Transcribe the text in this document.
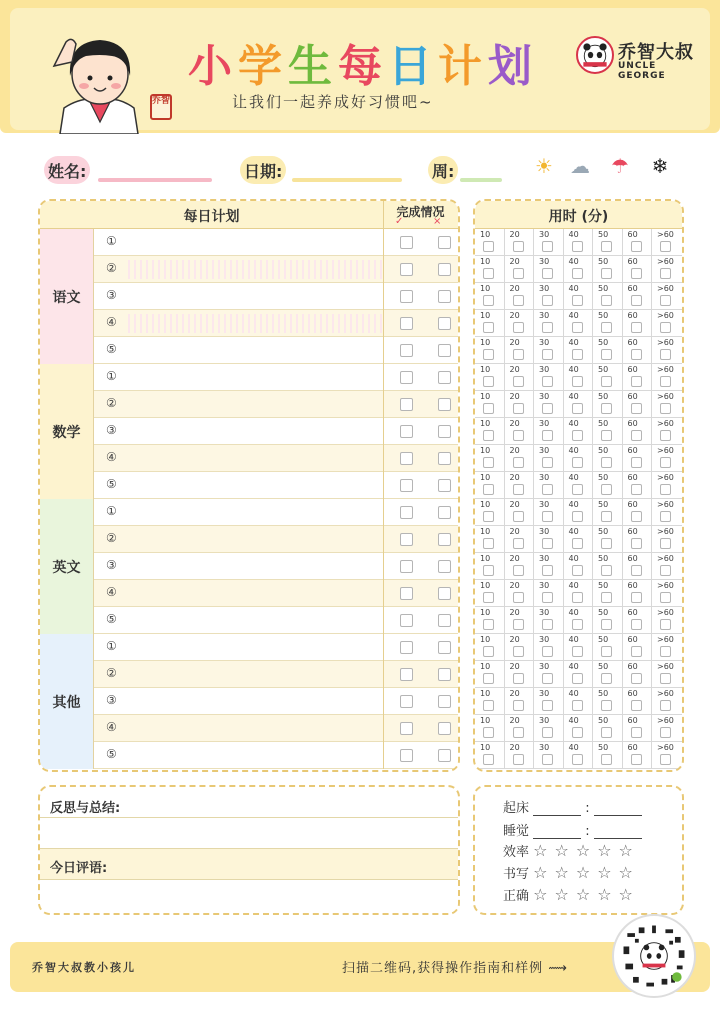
乔智
小学生每日计划
让我们一起养成好习惯吧~
乔智大叔
UNCLE GEORGE
姓名:	日期:	周:	☀ ☁ ☂ ❄
每日计划	完成情况
✓	×
语文
①
②
③
④
⑤
数学
①
②
③
④
⑤
英文
①
②
③
④
⑤
其他
①
②
③
④
⑤
用时 (分)
10	20	30	40	50	60	>60
10	20	30	40	50	60	>60
10	20	30	40	50	60	>60
10	20	30	40	50	60	>60
10	20	30	40	50	60	>60
10	20	30	40	50	60	>60
10	20	30	40	50	60	>60
10	20	30	40	50	60	>60
10	20	30	40	50	60	>60
10	20	30	40	50	60	>60
10	20	30	40	50	60	>60
10	20	30	40	50	60	>60
10	20	30	40	50	60	>60
10	20	30	40	50	60	>60
10	20	30	40	50	60	>60
10	20	30	40	50	60	>60
10	20	30	40	50	60	>60
10	20	30	40	50	60	>60
10	20	30	40	50	60	>60
10	20	30	40	50	60	>60
反思与总结:
今日评语:
起床	:
睡觉	:
效率 ☆☆☆☆☆
书写 ☆☆☆☆☆
正确 ☆☆☆☆☆
乔智大叔教小孩儿	扫描二维码,获得操作指南和样例 ⟿
